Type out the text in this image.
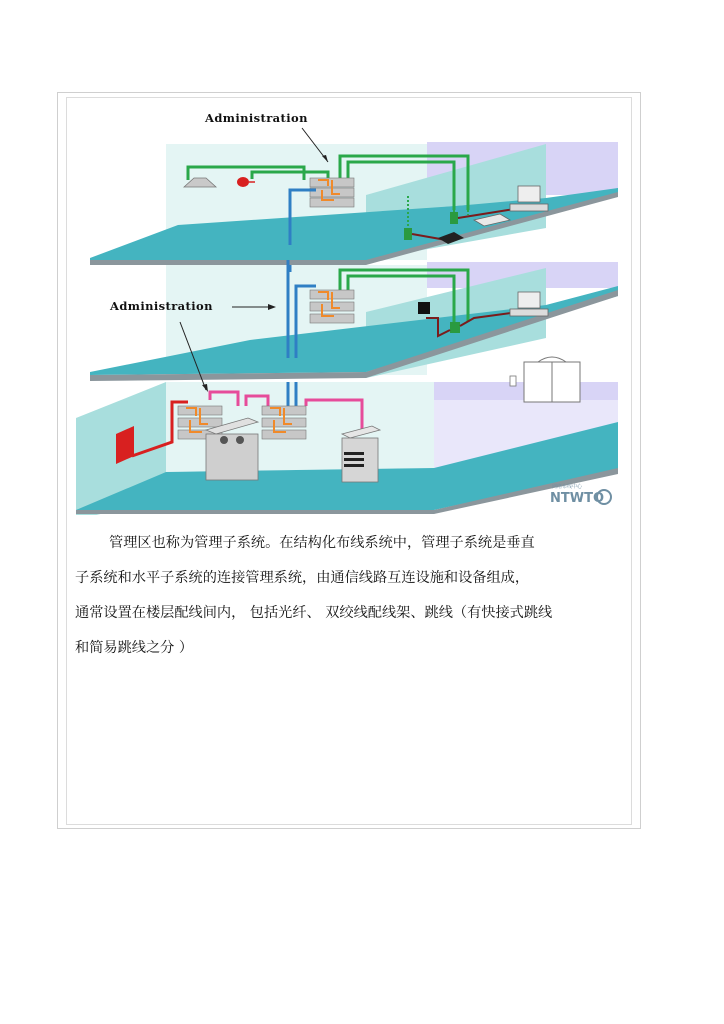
Administration
Administration
网络布线中心
NTWTO

管理区也称为管理子系统。在结构化布线系统中，管理子系统是垂直
子系统和水平子系统的连接管理系统，由通信线路互连设施和设备组成，
通常设置在楼层配线间内， 包括光纤、 双绞线配线架、跳线（有快接式跳线
和简易跳线之分 ）
